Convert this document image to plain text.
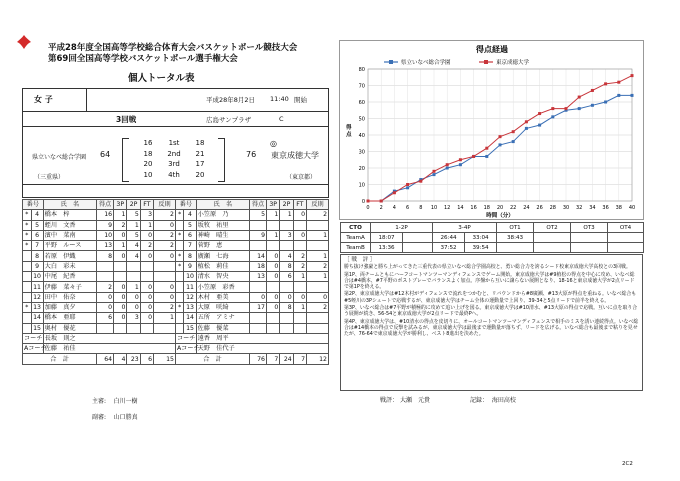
平成28年度全国高等学校総合体育大会バスケットボール競技大会
第69回全国高等学校バスケットボール選手権大会
個人トータル表
女 子	平成28年8月2日 11:40 開始
3回戦	広島サンプラザ	C
県立いなべ総合学園
（三重県）
64
◎
76 東京成徳大学
（東京都）
16 1st 18
18 2nd 21
20 3rd 17
10 4th 20
番号		氏　名	得点	3P	2P	FT	反則	番号		氏　名	得点	3P	2P	FT	反則
*	4	橋本　梓	16	1	5	3	2	*	4	小笠原　乃	5	1	1	0	2
*	5	蛭川　文香	9	2	1	1	0		5	坂牧　祐里					
*	6	濱中　菜南	10	0	5	0	2	*	6	神崎　晴生	9	1	3	0	1
*	7	平野　ルース	13	1	4	2	2		7	菅野　恵					
	8	若原　伊織	8	0	4	0	0	*	8	廣瀬　七海	14	0	4	2	1
	9	大白　彩未						*	9	植松　莉佳	18	0	8	2	2
	10	中尾　紀香							10	清水　智央	13	0	6	1	1
	11	伊藤　菜々子	2	0	1	0	0		11	小笠原　彩香					
	12	田中　佑奈	0	0	0	0	0		12	木村　亜美	0	0	0	0	0
*	13	加藤　真夕	0	0	0	0	2	*	13	大原　咲綺	17	0	8	1	2
	14	橋本　亜耶	6	0	3	0	1		14	五所　アミナ					
	15	奥村　優花							15	佐藤　優菜					
コーチ		長坂　則之						コーチ		遠香　周平					
Aコーチ		佐藤　祐佳						Aコーチ		天野　佳代子					
合　計			64	4	23	6	15	合　計			76	7	24	7	12
主審: 白川一樹
副審: 山口勝真
得点経過
0
10
20
30
40
50
60
70
80
0 2 4 6 8 10 12 14 16 18 20 22 24 26 28 30 32 34 36 38 40
時間（分）
得点
県立いなべ総合学園	東京成徳大学
CTO	1-2P		3-4P		OT1	OT2	OT3	OT4
TeamA	18:07		26:44	33:04	38:43			
TeamB	13:36		37:52	39:54				
［ 戦　評 ］

勝ち抜け強豪と勝ち上がってきた三重代表の県立いなべ総合学園高校と、勇い総合力を誇るシード校東京成徳大学高校との3回戦。

第1P、両チームともにハーフコートマンツーマンディフェンスでゲーム開始。東京成徳大学は#9植松の得点を中心に攻め、いなべ総合は#4橋本、#7平野のポストプレーでバランスよく加点。序盤から互いに譲らない展開となり、18-16と東京成徳大学が2点リードで第1Pを終える。

第2P、東京成徳大学は#12木村がディフェンスで流れをつかむと、リバウンドから#8廣瀬、#13大原が得点を重ねる。いなべ総合も#5蛭川の3Pシュートで応戦するが、東京成徳大学はチーム全体の運動量で上回り、39-34と5点リードで前半を終える。

第3P、いなべ総合は#7平野が積極的に攻めて追い上げを図る。東京成徳大学は#10清水、#13大原の得点で応戦。互いに点を取り合う展開が続き、56-54と東京成徳大学が2点リードで最終Pへ。

第4P、東京成徳大学は、#10清水の得点を皮切りに、オールコートマンツーマンディフェンスで相手のミスを誘い連続得点。いなべ総合は#14橋本の得点で反撃を試みるが、東京成徳大学は最後まで運動量が落ちず、リードを広げる。いなべ総合も最後まで粘りを見せたが、76-64で東京成徳大学が勝利し、ベスト8進出を決めた。

戦評： 大瀬　元貴	記録： 海田高校
2C2
